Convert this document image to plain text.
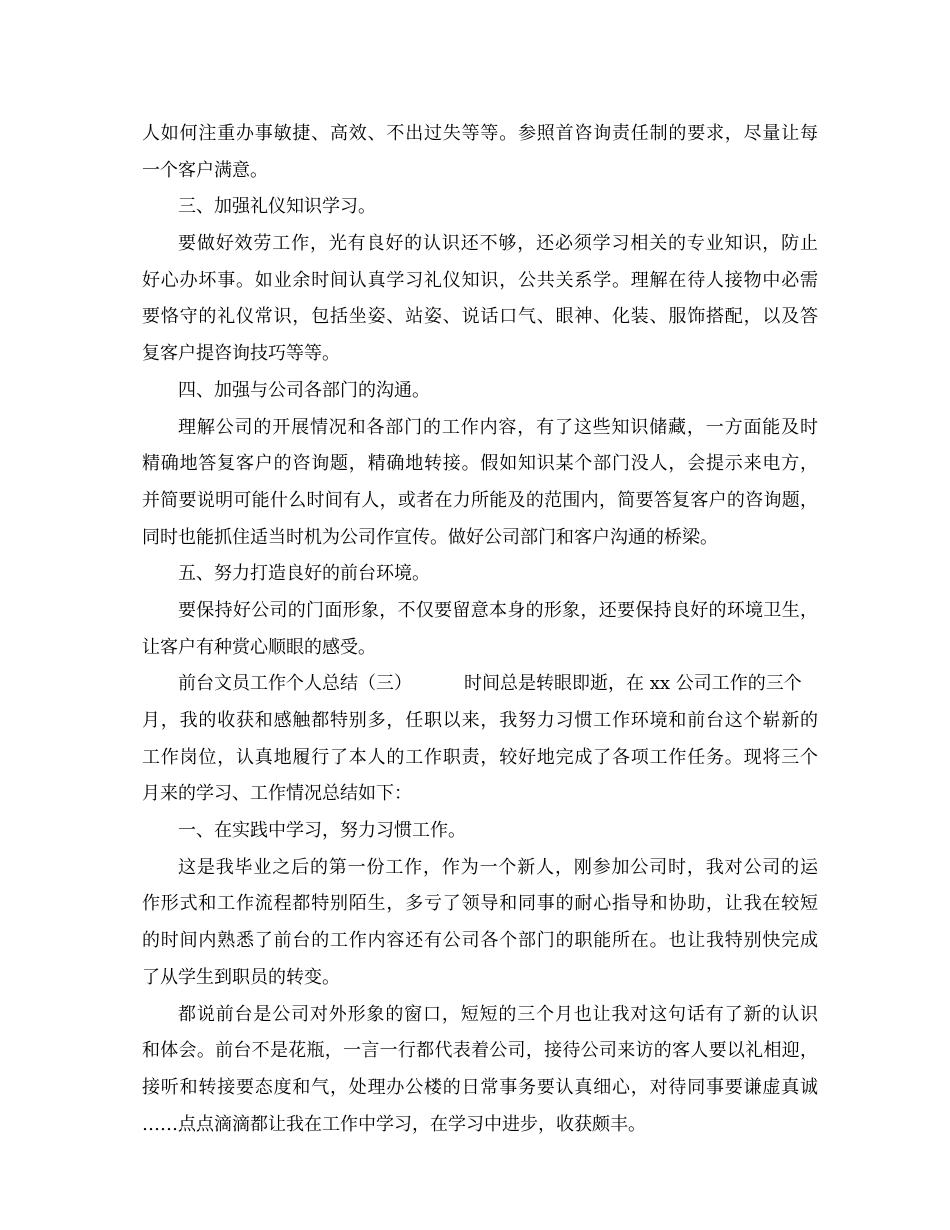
人如何注重办事敏捷、高效、不出过失等等。参照首咨询责任制的要求，尽量让每
一个客户满意。
三、加强礼仪知识学习。
要做好效劳工作，光有良好的认识还不够，还必须学习相关的专业知识，防止
好心办坏事。如业余时间认真学习礼仪知识，公共关系学。理解在待人接物中必需
要恪守的礼仪常识，包括坐姿、站姿、说话口气、眼神、化装、服饰搭配，以及答
复客户提咨询技巧等等。
四、加强与公司各部门的沟通。
理解公司的开展情况和各部门的工作内容，有了这些知识储藏，一方面能及时
精确地答复客户的咨询题，精确地转接。假如知识某个部门没人，会提示来电方，
并简要说明可能什么时间有人，或者在力所能及的范围内，简要答复客户的咨询题，
同时也能抓住适当时机为公司作宣传。做好公司部门和客户沟通的桥梁。
五、努力打造良好的前台环境。
要保持好公司的门面形象，不仅要留意本身的形象，还要保持良好的环境卫生，
让客户有种赏心顺眼的感受。
前台文员工作个人总结（三）	时间总是转眼即逝，在 xx 公司工作的三个
月，我的收获和感触都特别多，任职以来，我努力习惯工作环境和前台这个崭新的
工作岗位，认真地履行了本人的工作职责，较好地完成了各项工作任务。现将三个
月来的学习、工作情况总结如下：
一、在实践中学习，努力习惯工作。
这是我毕业之后的第一份工作，作为一个新人，刚参加公司时，我对公司的运
作形式和工作流程都特别陌生，多亏了领导和同事的耐心指导和协助，让我在较短
的时间内熟悉了前台的工作内容还有公司各个部门的职能所在。也让我特别快完成
了从学生到职员的转变。
都说前台是公司对外形象的窗口，短短的三个月也让我对这句话有了新的认识
和体会。前台不是花瓶，一言一行都代表着公司，接待公司来访的客人要以礼相迎，
接听和转接要态度和气，处理办公楼的日常事务要认真细心，对待同事要谦虚真诚
……点点滴滴都让我在工作中学习，在学习中进步，收获颇丰。
